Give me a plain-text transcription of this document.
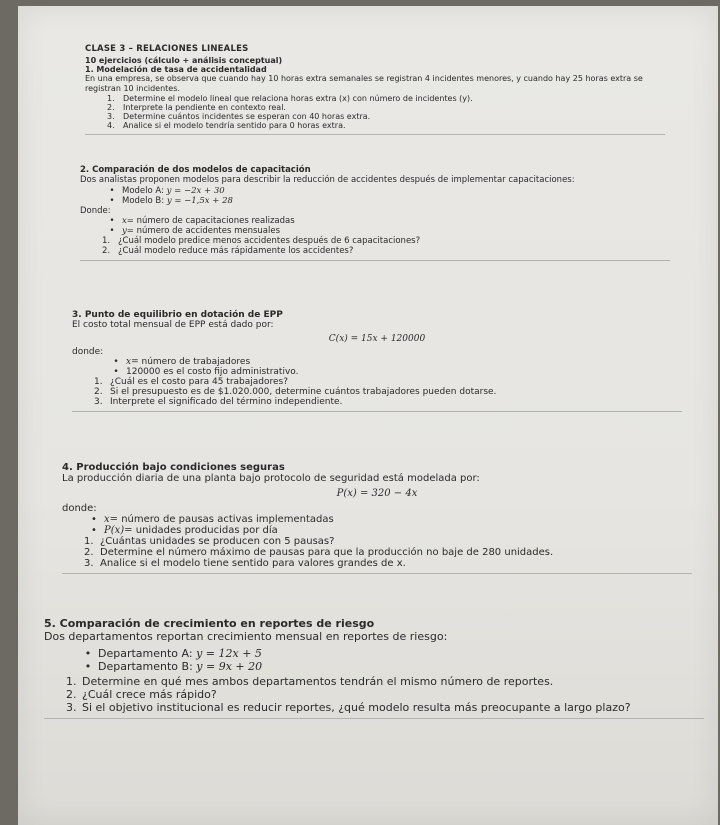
CLASE 3 – RELACIONES LINEALES
10 ejercicios (cálculo + análisis conceptual)
1. Modelación de tasa de accidentalidad
En una empresa, se observa que cuando hay 10 horas extra semanales se registran 4 incidentes menores, y cuando hay 25 horas extra se registran 10 incidentes.
1.	Determine el modelo lineal que relaciona horas extra (x) con número de incidentes (y).
2.	Interprete la pendiente en contexto real.
3.	Determine cuántos incidentes se esperan con 40 horas extra.
4.	Analice si el modelo tendría sentido para 0 horas extra.
2. Comparación de dos modelos de capacitación
Dos analistas proponen modelos para describir la reducción de accidentes después de implementar capacitaciones:
• Modelo A:
y = −2x + 30
• Modelo B:
y = −1,5x + 28
Donde:
• x=
número de capacitaciones realizadas
• y=
número de accidentes mensuales
1. ¿Cuál modelo predice menos accidentes después de 6 capacitaciones?
2. ¿Cuál modelo reduce más rápidamente los accidentes?
3. Punto de equilibrio en dotación de EPP
El costo total mensual de EPP está dado por:
C(x) = 15x + 120000
donde:
• x=
número de trabajadores
• 120000 es el costo fijo administrativo.
1. ¿Cuál es el costo para 45 trabajadores?
2. Si el presupuesto es de $1.020.000, determine cuántos trabajadores pueden dotarse.
3. Interprete el significado del término independiente.
4. Producción bajo condiciones seguras
La producción diaria de una planta bajo protocolo de seguridad está modelada por:
P(x) = 320 − 4x
donde:
• x=
número de pausas activas implementadas
• P(x)=
unidades producidas por día
1. ¿Cuántas unidades se producen con 5 pausas?
2. Determine el número máximo de pausas para que la producción no baje de 280 unidades.
3. Analice si el modelo tiene sentido para valores grandes de x.
5. Comparación de crecimiento en reportes de riesgo
Dos departamentos reportan crecimiento mensual en reportes de riesgo:
• Departamento A:
y = 12x + 5
• Departamento B:
y = 9x + 20
1. Determine en qué mes ambos departamentos tendrán el mismo número de reportes.
2. ¿Cuál crece más rápido?
3. Si el objetivo institucional es reducir reportes, ¿qué modelo resulta más preocupante a largo plazo?
